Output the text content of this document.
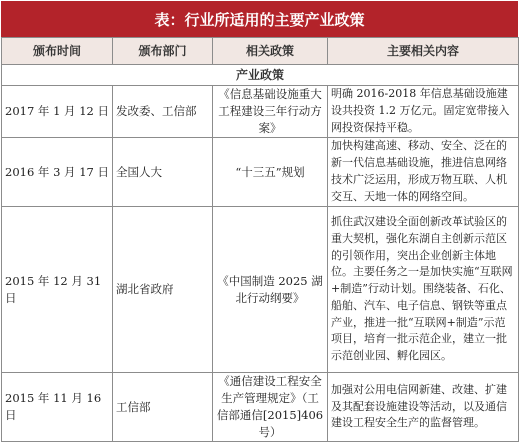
表：行业所适用的主要产业政策
颁布时间	颁布部门	相关政策	主要相关内容
产业政策			
2017 年 1 月 12 日	发改委、工信部	《信息基础设施重大工程建设三年行动方案》	明确 2016-2018 年信息基础设施建设共投资 1.2 万亿元。固定宽带接入网投资保持平稳。
2016 年 3 月 17 日	全国人大	“十三五”规划	加快构建高速、移动、安全、泛在的新一代信息基础设施，推进信息网络技术广泛运用，形成万物互联、人机交互、天地一体的网络空间。
2015 年 12 月 31 日	湖北省政府	《中国制造 2025 湖北行动纲要》	抓住武汉建设全面创新改革试验区的重大契机，强化东湖自主创新示范区的引领作用，突出企业创新主体地位。主要任务之一是加快实施“互联网+制造”行动计划。围绕装备、石化、船舶、汽车、电子信息、钢铁等重点产业，推进一批“互联网+制造”示范项目，培育一批示范企业，建立一批示范创业园、孵化园区。
2015 年 11 月 16 日	工信部	《通信建设工程安全生产管理规定》（工信部通信[2015]406 号）	加强对公用电信网新建、改建、扩建及其配套设施建设等活动，以及通信建设工程安全生产的监督管理。
